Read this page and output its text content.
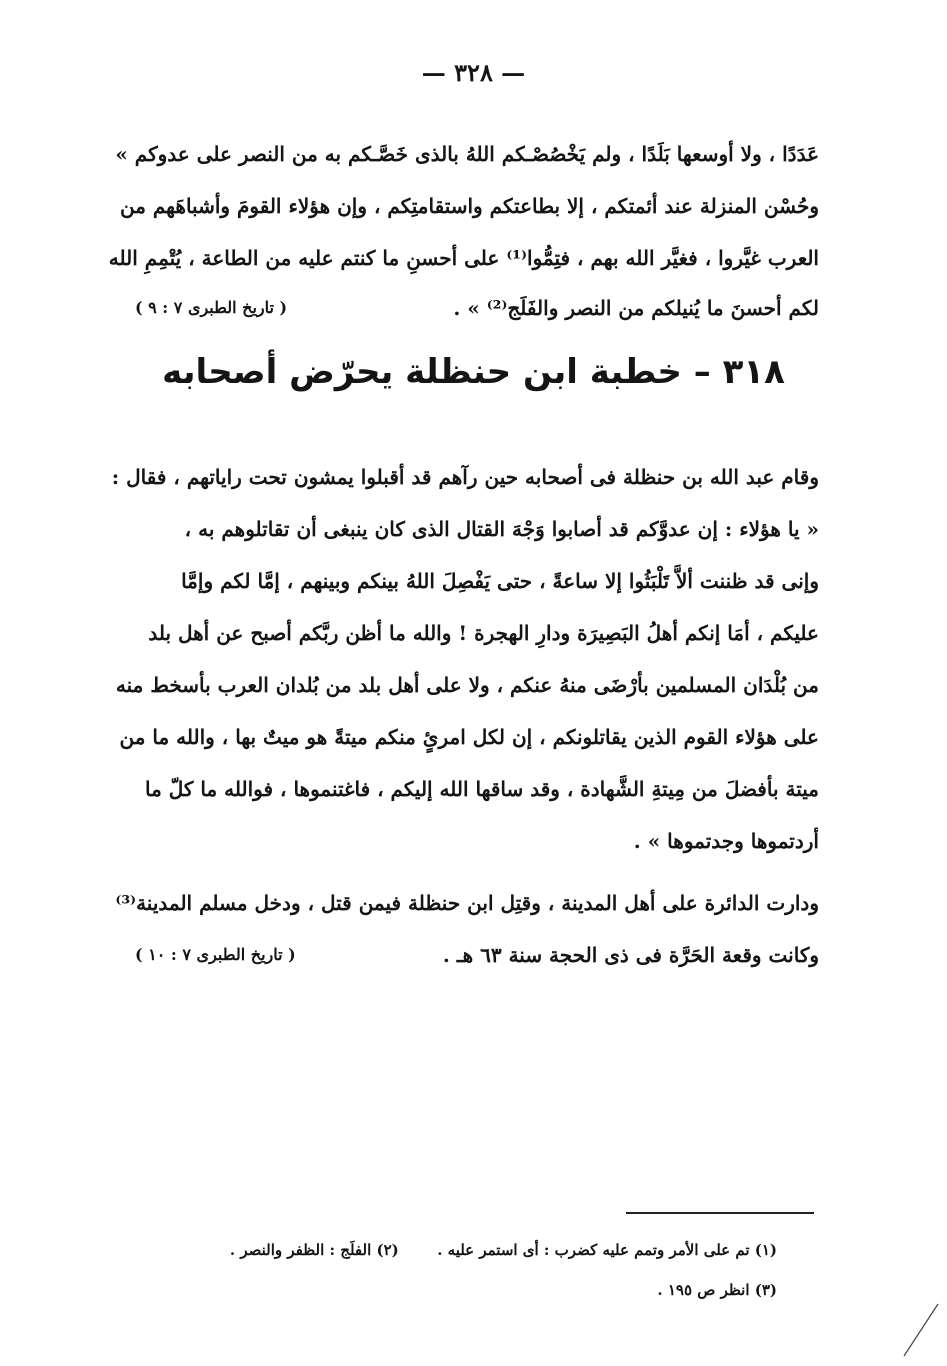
— ٣٢٨ —
عَدَدًا ، ولا أوسعها بَلَدًا ، ولم يَخْصُصْـكم اللهُ بالذى خَصَّـكم به من النصر على عدوكم »
وحُسْن المنزلة عند أئمتكم ، إلا بطاعتكم واستقامتِكم ، وإن هؤلاء القومَ وأشباهَهم من
العرب غيَّروا ، فغيَّر الله بهم ، فتِمُّوا⁽¹⁾ على أحسنِ ما كنتم عليه من الطاعة ، يُتْمِمِ الله
لكم أحسنَ ما يُنيلكم من النصر والفَلَج⁽²⁾ » .
( تاريخ الطبرى ٧ : ٩ )
٣١٨ – خطبة ابن حنظلة يحرّض أصحابه
وقام عبد الله بن حنظلة فى أصحابه حين رآهم قد أقبلوا يمشون تحت راياتهم ، فقال :
« يا هؤلاء : إن عدوَّكم قد أصابوا وَجْهَ القتال الذى كان ينبغى أن تقاتلوهم به ،
وإنى قد ظننت ألاَّ تَلْبَثُوا إلا ساعةً ، حتى يَفْصِلَ اللهُ بينكم وبينهم ، إمَّا لكم وإمَّا
عليكم ، أمَا إنكم أهلُ البَصِيرَة ودارِ الهجرة ! والله ما أظن ربَّكم أصبح عن أهل بلد
من بُلْدَان المسلمين بأرْضَى منهُ عنكم ، ولا على أهل بلد من بُلدان العرب بأسخط منه
على هؤلاء القوم الذين يقاتلونكم ، إن لكل امرئٍ منكم ميتةً هو ميتٌ بها ، والله ما من
ميتة بأفضلَ من مِيتةِ الشَّهادة ، وقد ساقها الله إليكم ، فاغتنموها ، فوالله ما كلّ ما
أردتموها وجدتموها » .
ودارت الدائرة على أهل المدينة ، وقتِل ابن حنظلة فيمن قتل ، ودخل مسلم المدينة⁽³⁾
وكانت وقعة الحَرَّة فى ذى الحجة سنة ٦٣ هـ .
( تاريخ الطبرى ٧ : ١٠ )
(١) تم على الأمر وتمم عليه كضرب : أى استمر عليه .  (٢) الفلَج : الظفر والنصر .
(٣) انظر ص ١٩٥ .
